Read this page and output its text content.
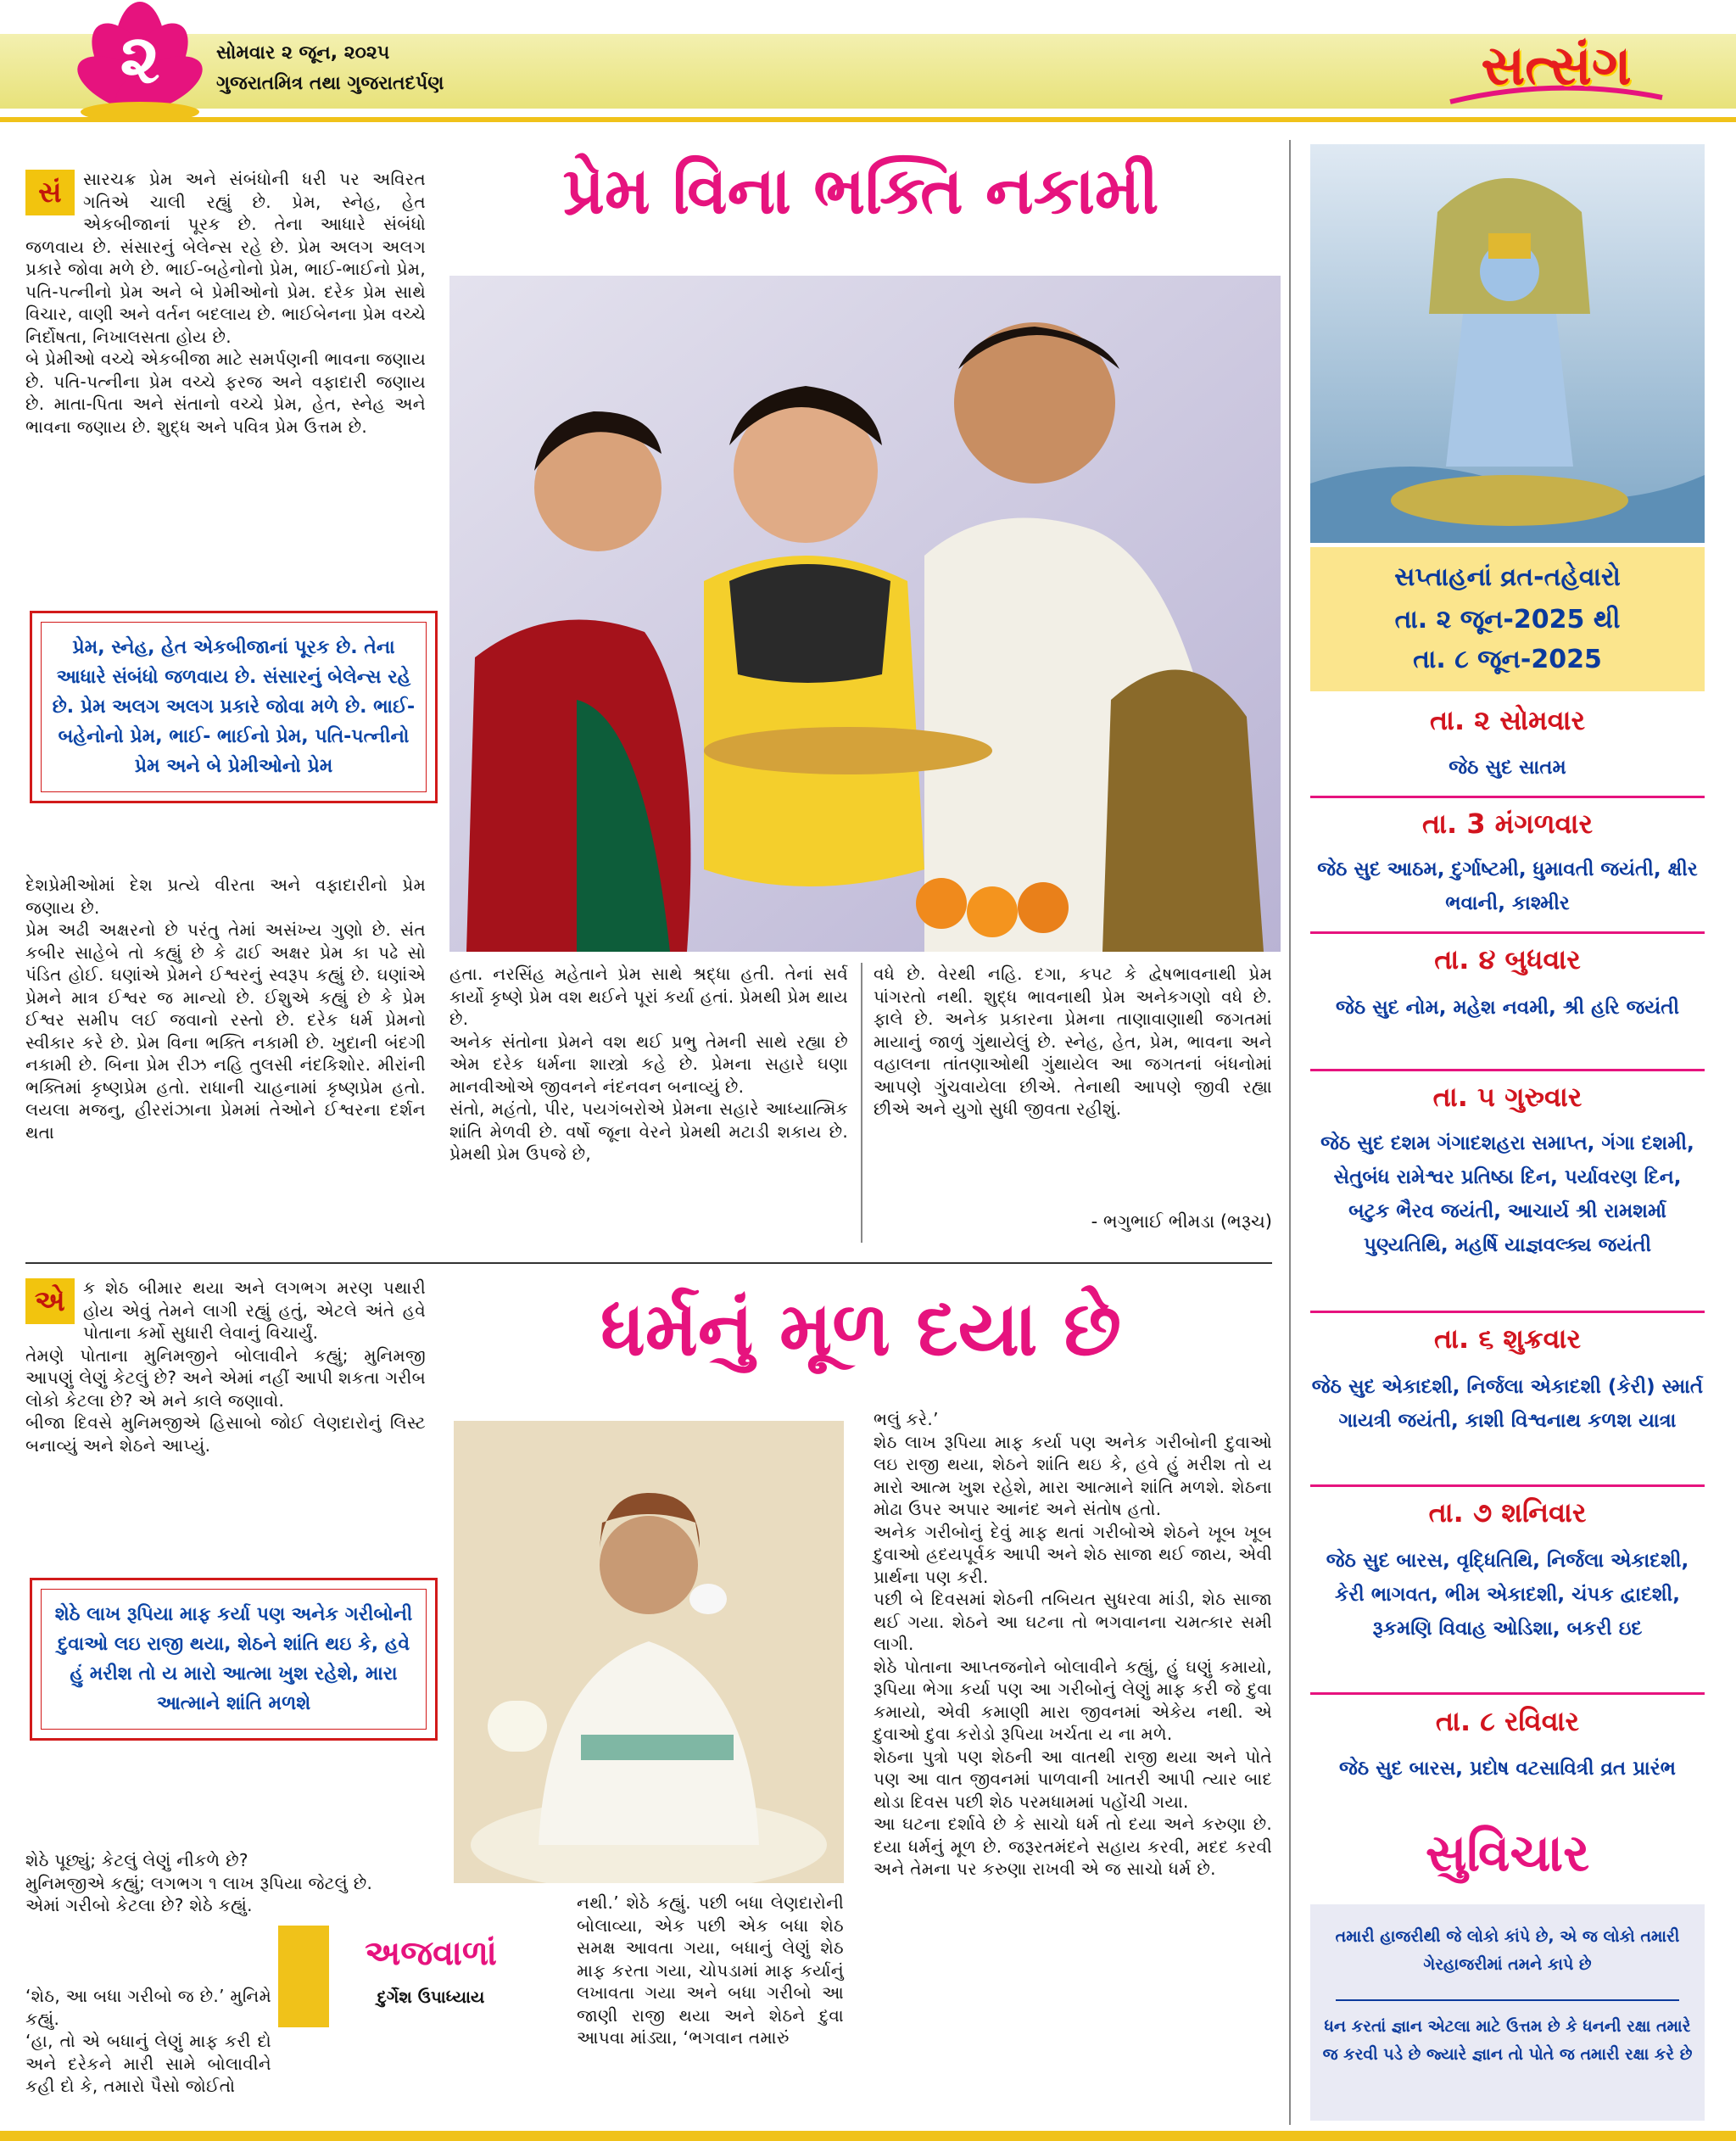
૨	સોમવાર ૨ જૂન, ૨૦૨૫
ગુજરાતમિત્ર તથા ગુજરાતદર્પણ	સત્સંગ
સં	સારચક્ર પ્રેમ અને સંબંધોની ધરી પર અવિરત ગતિએ ચાલી રહ્યું છે. પ્રેમ, સ્નેહ, હેત એકબીજાનાં પૂરક છે. તેના આધારે સંબંધો જળવાય છે. સંસારનું બેલેન્સ રહે છે. પ્રેમ અલગ અલગ પ્રકારે જોવા મળે છે. ભાઈ-બહેનોનો પ્રેમ, ભાઈ-ભાઈનો પ્રેમ, પતિ-પત્નીનો પ્રેમ અને બે પ્રેમીઓનો પ્રેમ. દરેક પ્રેમ સાથે વિચાર, વાણી અને વર્તન બદલાય છે. ભાઈબેનના પ્રેમ વચ્ચે નિર્દોષતા, નિખાલસતા હોય છે.
બે પ્રેમીઓ વચ્ચે એકબીજા માટે સમર્પણની ભાવના જણાય છે. પતિ-પત્નીના પ્રેમ વચ્ચે ફરજ અને વફાદારી જણાય છે. માતા-પિતા અને સંતાનો વચ્ચે પ્રેમ, હેત, સ્નેહ અને ભાવના જણાય છે. શુદ્ધ અને પવિત્ર પ્રેમ ઉત્તમ છે.
પ્રેમ વિના ભક્તિ નકામી
પ્રેમ, સ્નેહ, હેત એકબીજાનાં પૂરક છે. તેના આધારે સંબંધો જળવાય છે. સંસારનું બેલેન્સ રહે છે. પ્રેમ અલગ અલગ પ્રકારે જોવા મળે છે. ભાઈ-બહેનોનો પ્રેમ, ભાઈ- ભાઈનો પ્રેમ, પતિ-પત્નીનો પ્રેમ અને બે પ્રેમીઓનો પ્રેમ
દેશપ્રેમીઓમાં દેશ પ્રત્યે વીરતા અને વફાદારીનો પ્રેમ જણાય છે.
પ્રેમ અઢી અક્ષરનો છે પરંતુ તેમાં અસંખ્ય ગુણો છે. સંત કબીર સાહેબે તો કહ્યું છે કે ઢાઈ અક્ષર પ્રેમ કા પઢે સો પંડિત હોઈ. ઘણાંએ પ્રેમને ઈશ્વરનું સ્વરૂપ કહ્યું છે. ઘણાંએ પ્રેમને માત્ર ઈશ્વર જ માન્યો છે. ઈશુએ કહ્યું છે કે પ્રેમ ઈશ્વર સમીપ લઈ જવાનો રસ્તો છે. દરેક ધર્મ પ્રેમનો સ્વીકાર કરે છે. પ્રેમ વિના ભક્તિ નકામી છે. ખુદાની બંદગી નકામી છે. બિના પ્રેમ રીઝ નહિ તુલસી નંદકિશોર. મીરાંની ભક્તિમાં કૃષ્ણપ્રેમ હતો. રાધાની ચાહનામાં કૃષ્ણપ્રેમ હતો. લયલા મજનુ, હીરરાંઝાના પ્રેમમાં તેઓને ઈશ્વરના દર્શન થતા
હતા. નરસિંહ મહેતાને પ્રેમ સાથે શ્રદ્ધા હતી. તેનાં સર્વ કાર્યો કૃષ્ણે પ્રેમ વશ થઈને પૂરાં કર્યા હતાં. પ્રેમથી પ્રેમ થાય છે.
અનેક સંતોના પ્રેમને વશ થઈ પ્રભુ તેમની સાથે રહ્યા છે એમ દરેક ધર્મના શાસ્ત્રો કહે છે. પ્રેમના સહારે ઘણા માનવીઓએ જીવનને નંદનવન બનાવ્યું છે.
સંતો, મહંતો, પીર, પયગંબરોએ પ્રેમના સહારે આધ્યાત્મિક શાંતિ મેળવી છે. વર્ષો જૂના વેરને પ્રેમથી મટાડી શકાય છે. પ્રેમથી પ્રેમ ઉપજે છે,
વધે છે. વેરથી નહિ. દગા, કપટ કે દ્વેષભાવનાથી પ્રેમ પાંગરતો નથી. શુદ્ધ ભાવનાથી પ્રેમ અનેકગણો વધે છે. ફાલે છે. અનેક પ્રકારના પ્રેમના તાણાવાણાથી જગતમાં માયાનું જાળું ગુંથાયેલું છે. સ્નેહ, હેત, પ્રેમ, ભાવના અને વહાલના તાંતણાઓથી ગુંથાયેલ આ જગતનાં બંધનોમાં આપણે ગુંચવાયેલા છીએ. તેનાથી આપણે જીવી રહ્યા છીએ અને યુગો સુધી જીવતા રહીશું.
- ભગુભાઈ ભીમડા (ભરૂચ)
એ	ક શેઠ બીમાર થયા અને લગભગ મરણ પથારી હોય એવું તેમને લાગી રહ્યું હતું, એટલે અંતે હવે પોતાના કર્મો સુધારી લેવાનું વિચાર્યું.
તેમણે પોતાના મુનિમજીને બોલાવીને કહ્યું; મુનિમજી આપણું લેણું કેટલું છે? અને એમાં નહીં આપી શકતા ગરીબ લોકો કેટલા છે? એ મને કાલે જણાવો.
બીજા દિવસે મુનિમજીએ હિસાબો જોઈ લેણદારોનું લિસ્ટ બનાવ્યું અને શેઠને આપ્યું.
ધર્મનું મૂળ દયા છે
શેઠે લાખ રૂપિયા માફ કર્યા પણ અનેક ગરીબોની દુવાઓ લઇ રાજી થયા, શેઠને શાંતિ થઇ કે, હવે હું મરીશ તો ય મારો આત્મા ખુશ રહેશે, મારા આત્માને શાંતિ મળશે
શેઠે પૂછ્યું; કેટલું લેણું નીકળે છે?
મુનિમજીએ કહ્યું; લગભગ ૧ લાખ રૂપિયા જેટલું છે.
એમાં ગરીબો કેટલા છે? શેઠે કહ્યું.
‘શેઠ, આ બધા ગરીબો જ છે.’ મુનિમે કહ્યું.
‘હા, તો એ બધાનું લેણું માફ કરી દો અને દરેકને મારી સામે બોલાવીને કહી દો કે, તમારો પૈસો જોઈતો
નથી.’ શેઠે કહ્યું. પછી બધા લેણદારોની બોલાવ્યા, એક પછી એક બધા શેઠ સમક્ષ આવતા ગયા, બધાનું લેણું શેઠ માફ કરતા ગયા, ચોપડામાં માફ કર્યાનું લખાવતા ગયા અને બધા ગરીબો આ જાણી રાજી થયા અને શેઠને દુવા આપવા માંડ્યા, ‘ભગવાન તમારું
અજવાળાં
દુર્ગેશ ઉપાધ્યાય
ભલું કરે.’
શેઠ લાખ રૂપિયા માફ કર્યા પણ અનેક ગરીબોની દુવાઓ લઇ રાજી થયા, શેઠને શાંતિ થઇ કે, હવે હું મરીશ તો ય મારો આત્મ ખુશ રહેશે, મારા આત્માને શાંતિ મળશે. શેઠના મોઢા ઉપર અપાર આનંદ અને સંતોષ હતો.
અનેક ગરીબોનું દેવું માફ થતાં ગરીબોએ શેઠને ખૂબ ખૂબ દુવાઓ હ્રદયપૂર્વક આપી અને શેઠ સાજા થઈ જાય, એવી પ્રાર્થના પણ કરી.
પછી બે દિવસમાં શેઠની તબિયત સુધરવા માંડી, શેઠ સાજા થઈ ગયા. શેઠને આ ઘટના તો ભગવાનના ચમત્કાર સમી લાગી.
શેઠે પોતાના આપ્તજનોને બોલાવીને કહ્યું, હું ઘણું કમાયો, રૂપિયા ભેગા કર્યા પણ આ ગરીબોનું લેણું માફ કરી જે દુવા કમાયો, એવી કમાણી મારા જીવનમાં એકેય નથી. એ દુવાઓ દુવા કરોડો રૂપિયા ખર્ચતા ય ના મળે.
શેઠના પુત્રો પણ શેઠની આ વાતથી રાજી થયા અને પોતે પણ આ વાત જીવનમાં પાળવાની ખાતરી આપી ત્યાર બાદ થોડા દિવસ પછી શેઠ પરમધામમાં પહોંચી ગયા.
આ ઘટના દર્શાવે છે કે સાચો ધર્મ તો દયા અને કરુણા છે. દયા ધર્મનું મૂળ છે. જરૂરતમંદને સહાય કરવી, મદદ કરવી અને તેમના પર કરુણા રાખવી એ જ સાચો ધર્મ છે.
સપ્તાહનાં વ્રત-તહેવારો
તા. ૨ જૂન-2025 થી
તા. ૮ જૂન-2025
તા. ૨ સોમવાર
જેઠ સુદ સાતમ
તા. 3 મંગળવાર
જેઠ સુદ આઠમ, દુર્ગાષ્ટમી, ધુમાવતી જયંતી, ક્ષીર ભવાની, કાશ્મીર
તા. ૪ બુધવાર
જેઠ સુદ નોમ, મહેશ નવમી, શ્રી હરિ જયંતી
તા. ૫ ગુરુવાર
જેઠ સુદ દશમ ગંગાદશહરા સમાપ્ત, ગંગા દશમી, સેતુબંધ રામેશ્વર પ્રતિષ્ઠા દિન, પર્યાવરણ દિન, બટુક ભૈરવ જયંતી, આચાર્ય શ્રી રામશર્મા પુણ્યતિથિ, મહર્ષિ યાજ્ઞવલ્ક્ય જયંતી
તા. ૬ શુક્રવાર
જેઠ સુદ એકાદશી, નિર્જલા એકાદશી (કેરી) સ્માર્ત ગાયત્રી જયંતી, કાશી વિશ્વનાથ કળશ યાત્રા
તા. ૭ શનિવાર
જેઠ સુદ બારસ, વૃદ્ધિતિથિ, નિર્જલા એકાદશી, કેરી ભાગવત, ભીમ એકાદશી, ચંપક દ્વાદશી, રૂકમણિ વિવાહ ઓડિશા, બકરી ઇદ
તા. ૮ રવિવાર
જેઠ સુદ બારસ, પ્રદોષ વટસાવિત્રી વ્રત પ્રારંભ
સુવિચાર
તમારી હાજરીથી જે લોકો કાંપે છે, એ જ લોકો તમારી ગેરહાજરીમાં તમને કાપે છે
ધન કરતાં જ્ઞાન એટલા માટે ઉત્તમ છે કે ધનની રક્ષા તમારે જ કરવી પડે છે જ્યારે જ્ઞાન તો પોતે જ તમારી રક્ષા કરે છે
